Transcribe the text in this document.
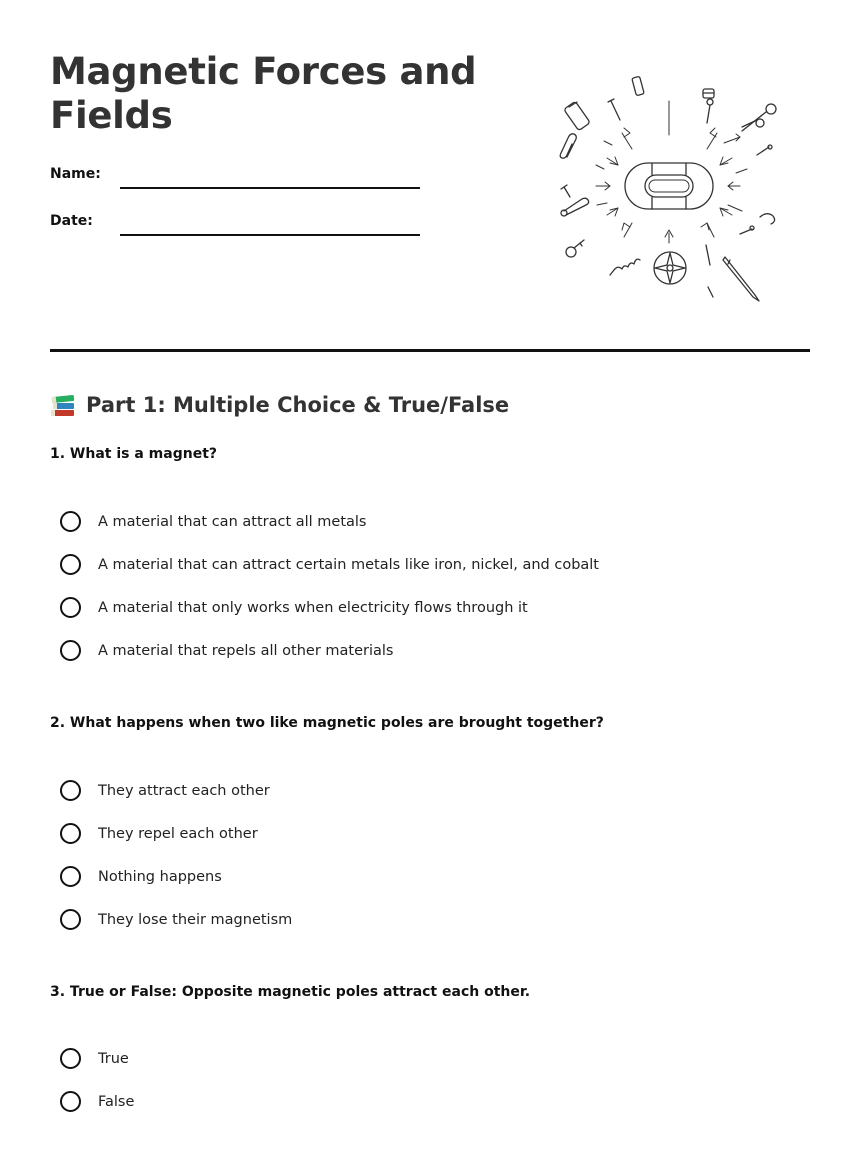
Magnetic Forces and Fields
Name:
Date:
Part 1: Multiple Choice & True/False

1. What is a magnet?

A material that can attract all metals
A material that can attract certain metals like iron, nickel, and cobalt
A material that only works when electricity flows through it
A material that repels all other materials

2. What happens when two like magnetic poles are brought together?

They attract each other
They repel each other
Nothing happens
They lose their magnetism

3. True or False: Opposite magnetic poles attract each other.

True
False
